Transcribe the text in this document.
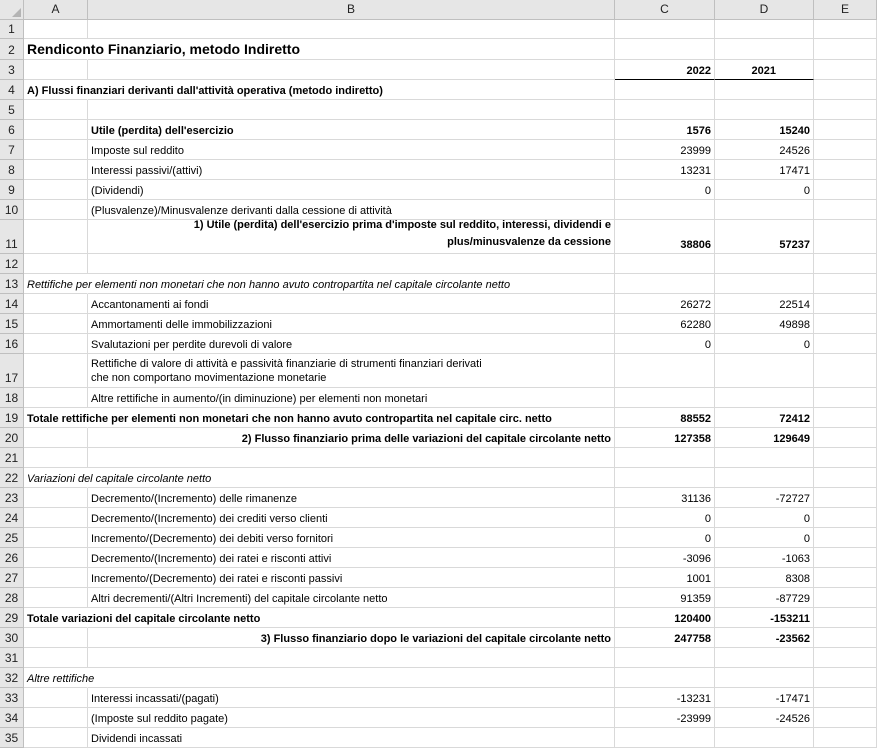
A	B	C	D	E
1
2 Rendiconto Finanziario, metodo Indiretto
3	2022	2021
4	A) Flussi finanziari derivanti dall'attività operativa (metodo indiretto)
5
6	Utile (perdita) dell'esercizio	1576	15240
7	Imposte sul reddito	23999	24526
8	Interessi passivi/(attivi)	13231	17471
9	(Dividendi)	0	0
10	(Plusvalenze)/Minusvalenze derivanti dalla cessione di attività
11
1) Utile (perdita) dell'esercizio prima d'imposte sul reddito, interessi, dividendi e
plus/minusvalenze da cessione	38806	57237
12
13 Rettifiche per elementi non monetari che non hanno avuto contropartita nel capitale circolante netto
14	Accantonamenti ai fondi	26272	22514
15	Ammortamenti delle immobilizzazioni	62280	49898
16	Svalutazioni per perdite durevoli di valore	0	0
17
Rettifiche di valore di attività e passività finanziarie di strumenti finanziari derivati
che non comportano movimentazione monetarie
18	Altre rettifiche in aumento/(in diminuzione) per elementi non monetari
19 Totale rettifiche per elementi non monetari che non hanno avuto contropartita nel capitale circ. netto	88552	72412
20	2) Flusso finanziario prima delle variazioni del capitale circolante netto	127358	129649
21
22 Variazioni del capitale circolante netto
23	Decremento/(Incremento) delle rimanenze	31136	-72727
24	Decremento/(Incremento) dei crediti verso clienti	0	0
25	Incremento/(Decremento) dei debiti verso fornitori	0	0
26	Decremento/(Incremento) dei ratei e risconti attivi	-3096	-1063
27	Incremento/(Decremento) dei ratei e risconti passivi	1001	8308
28	Altri decrementi/(Altri Incrementi) del capitale circolante netto	91359	-87729
29 Totale variazioni del capitale circolante netto	120400	-153211
30	3) Flusso finanziario dopo le variazioni del capitale circolante netto	247758	-23562
31
32 Altre rettifiche
33	Interessi incassati/(pagati)	-13231	-17471
34	(Imposte sul reddito pagate)	-23999	-24526
35	Dividendi incassati
